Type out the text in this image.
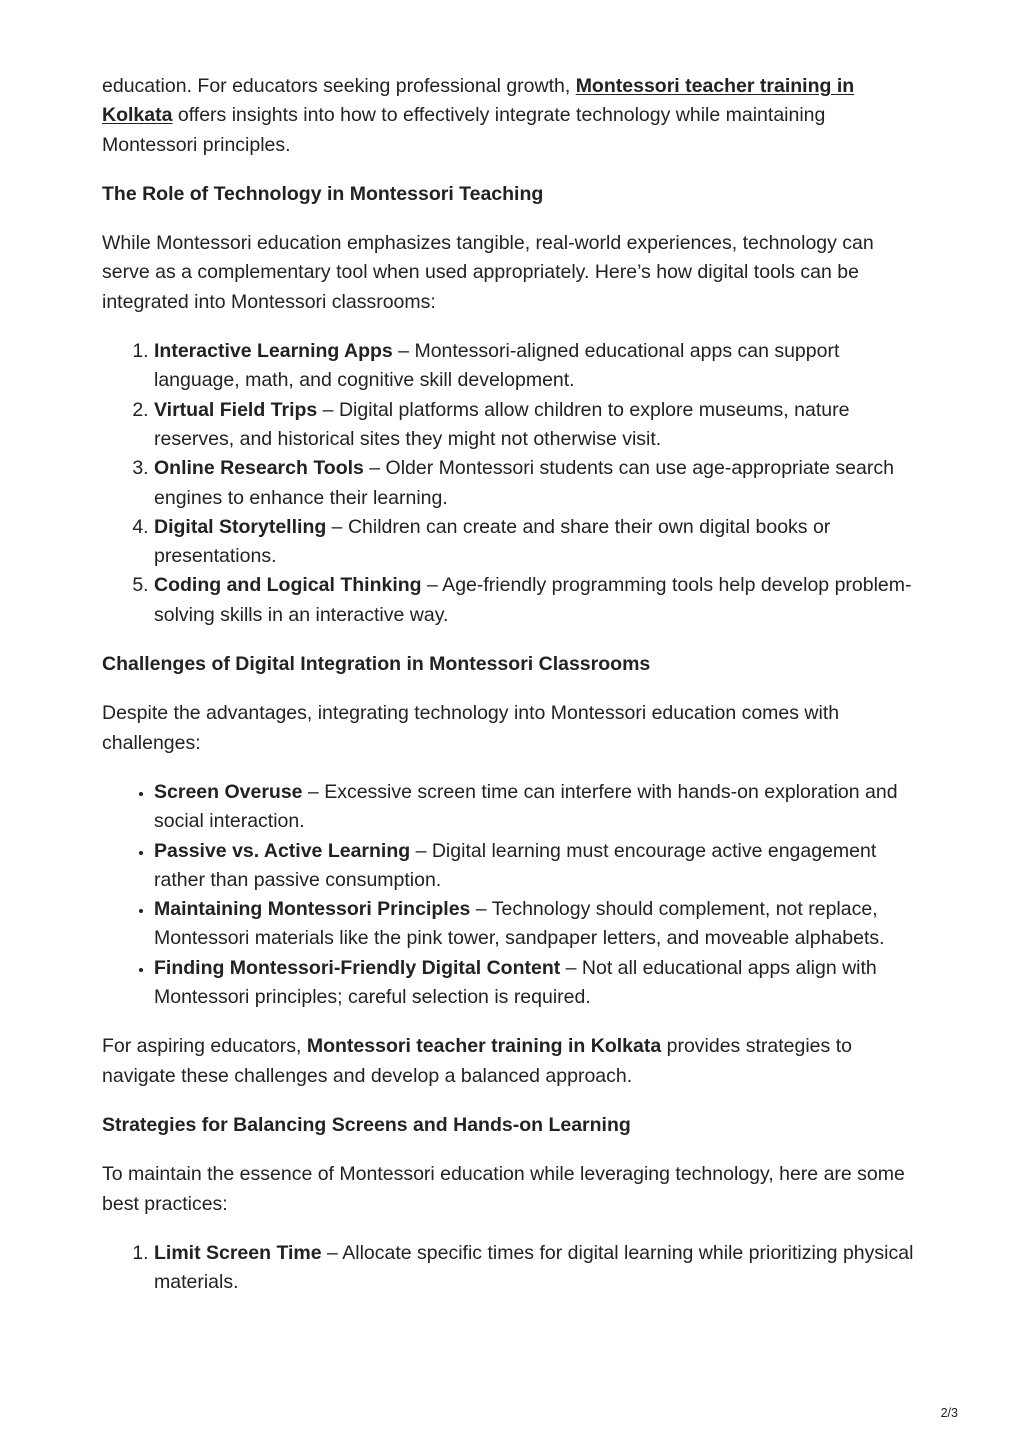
education. For educators seeking professional growth, Montessori teacher training in Kolkata offers insights into how to effectively integrate technology while maintaining Montessori principles.

The Role of Technology in Montessori Teaching

While Montessori education emphasizes tangible, real-world experiences, technology can serve as a complementary tool when used appropriately. Here’s how digital tools can be integrated into Montessori classrooms:

1. Interactive Learning Apps – Montessori-aligned educational apps can support language, math, and cognitive skill development.
2. Virtual Field Trips – Digital platforms allow children to explore museums, nature reserves, and historical sites they might not otherwise visit.
3. Online Research Tools – Older Montessori students can use age-appropriate search engines to enhance their learning.
4. Digital Storytelling – Children can create and share their own digital books or presentations.
5. Coding and Logical Thinking – Age-friendly programming tools help develop problem-solving skills in an interactive way.
Challenges of Digital Integration in Montessori Classrooms

Despite the advantages, integrating technology into Montessori education comes with challenges:

• Screen Overuse – Excessive screen time can interfere with hands-on exploration and social interaction.
• Passive vs. Active Learning – Digital learning must encourage active engagement rather than passive consumption.
• Maintaining Montessori Principles – Technology should complement, not replace, Montessori materials like the pink tower, sandpaper letters, and moveable alphabets.
• Finding Montessori-Friendly Digital Content – Not all educational apps align with Montessori principles; careful selection is required.

For aspiring educators, Montessori teacher training in Kolkata provides strategies to navigate these challenges and develop a balanced approach.

Strategies for Balancing Screens and Hands-on Learning

To maintain the essence of Montessori education while leveraging technology, here are some best practices:

1. Limit Screen Time – Allocate specific times for digital learning while prioritizing physical materials.
2/3
